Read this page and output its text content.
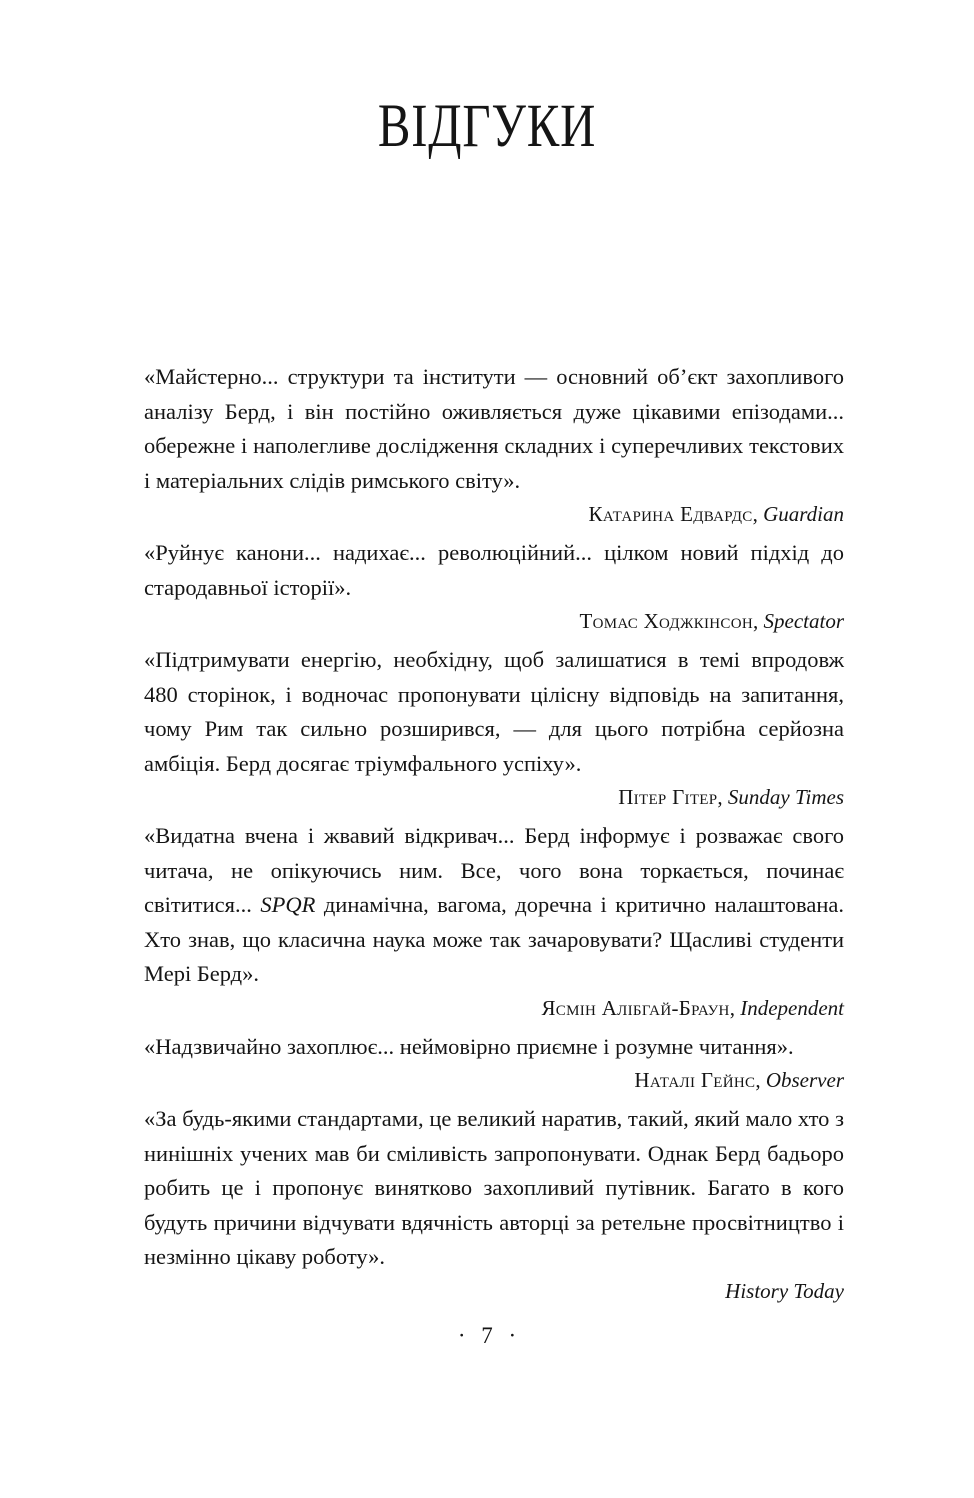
ВІДГУКИ

«Майстерно... структури та інститути — основний об’єкт захопливого аналізу Берд, і він постійно оживляється дуже цікавими епізодами... обережне і наполегливе дослідження складних і суперечливих текстових і матеріальних слідів римського світу».

Катарина Едвардс, Guardian

«Руйнує канони... надихає... революційний... цілком новий підхід до стародавньої історії».

Томас Ходжкінсон, Spectator

«Підтримувати енергію, необхідну, щоб залишатися в темі впродовж 480 сторінок, і водночас пропонувати цілісну відповідь на запитання, чому Рим так сильно розширився, — для цього потрібна серйозна амбіція. Берд досягає тріумфального успіху».

Пітер Гітер, Sunday Times

«Видатна вчена і жвавий відкривач... Берд інформує і розважає свого читача, не опікуючись ним. Все, чого вона торкається, починає світитися... SPQR динамічна, вагома, доречна і критично налаштована. Хто знав, що класична наука може так зачаровувати? Щасливі студенти Мері Берд».

Ясмін Алібгай-Браун, Independent

«Надзвичайно захоплює... неймовірно приємне і розумне читання».

Наталі Гейнс, Observer

«За будь-якими стандартами, це великий наратив, такий, який мало хто з нинішніх учених мав би сміливість запропонувати. Однак Берд бадьоро робить це і пропонує винятково захопливий путівник. Багато в кого будуть причини відчувати вдячність авторці за ретельне просвітництво і незмінно цікаву роботу».

History Today

· 7 ·
